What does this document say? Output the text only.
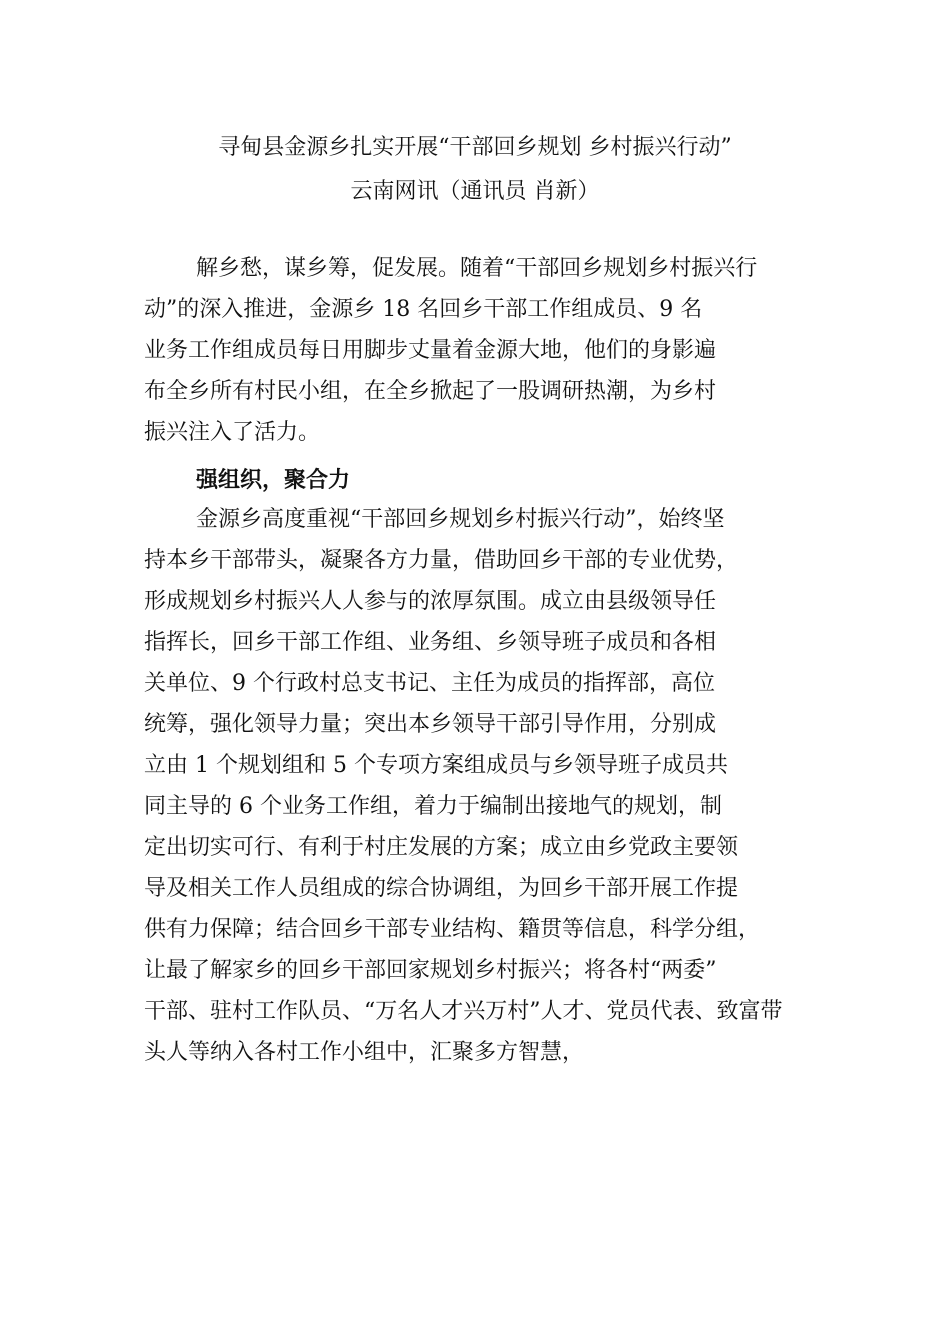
寻甸县金源乡扎实开展“干部回乡规划 乡村振兴行动”
云南网讯（通讯员 肖新）
解乡愁，谋乡筹，促发展。随着“干部回乡规划乡村振兴行
动”的深入推进，金源乡 18 名回乡干部工作组成员、9 名
业务工作组成员每日用脚步丈量着金源大地，他们的身影遍
布全乡所有村民小组，在全乡掀起了一股调研热潮，为乡村
振兴注入了活力。
强组织，聚合力
金源乡高度重视“干部回乡规划乡村振兴行动”，始终坚
持本乡干部带头，凝聚各方力量，借助回乡干部的专业优势，
形成规划乡村振兴人人参与的浓厚氛围。成立由县级领导任
指挥长，回乡干部工作组、业务组、乡领导班子成员和各相
关单位、9 个行政村总支书记、主任为成员的指挥部，高位
统筹，强化领导力量；突出本乡领导干部引导作用，分别成
立由 1 个规划组和 5 个专项方案组成员与乡领导班子成员共
同主导的 6 个业务工作组，着力于编制出接地气的规划，制
定出切实可行、有利于村庄发展的方案；成立由乡党政主要领
导及相关工作人员组成的综合协调组，为回乡干部开展工作提
供有力保障；结合回乡干部专业结构、籍贯等信息，科学分组，
让最了解家乡的回乡干部回家规划乡村振兴；将各村“两委”
干部、驻村工作队员、“万名人才兴万村”人才、党员代表、致富带
头人等纳入各村工作小组中，汇聚多方智慧，
